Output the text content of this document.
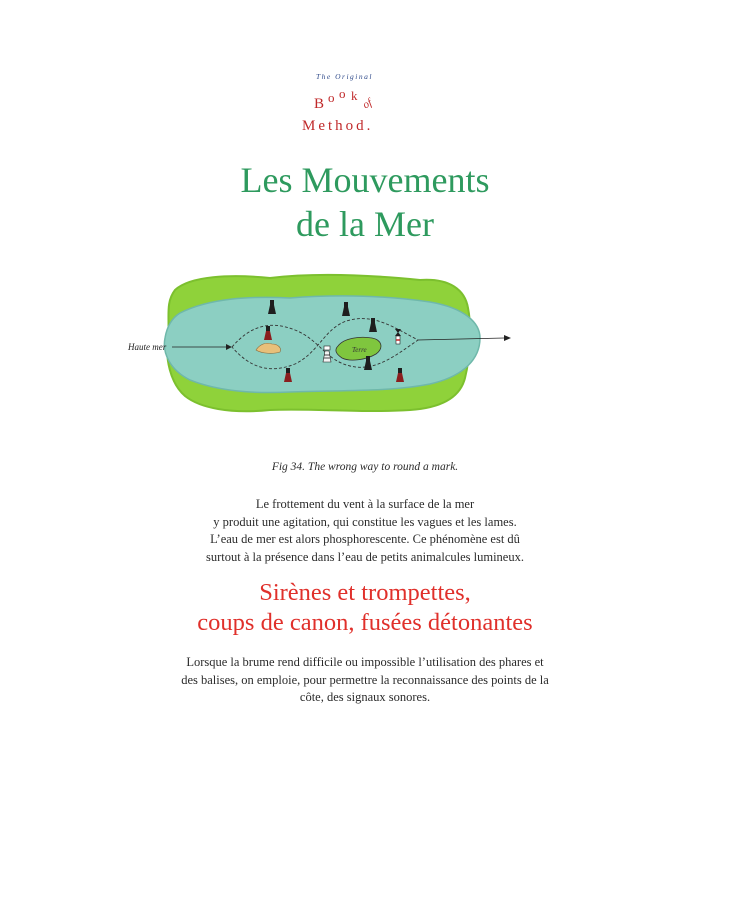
The Original
B o o k
of
Method.
Les Mouvements
de la Mer
Haute mer	Terre
Fig 34. The wrong way to round a mark.
Le frottement du vent à la surface de la mer
y produit une agitation, qui constitue les vagues et les lames.
L’eau de mer est alors phosphorescente. Ce phénomène est dû
surtout à la présence dans l’eau de petits animalcules lumineux.
Sirènes et trompettes,
coups de canon, fusées détonantes
Lorsque la brume rend difficile ou impossible l’utilisation des phares et
des balises, on emploie, pour permettre la reconnaissance des points de la
côte, des signaux sonores.
